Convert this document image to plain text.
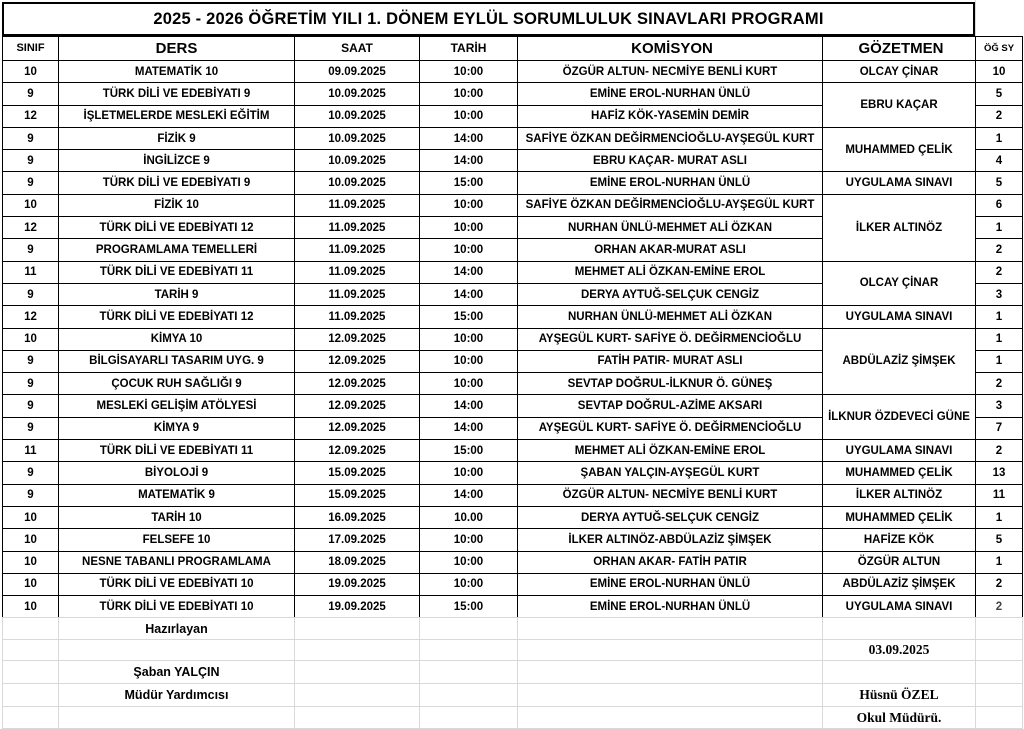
2025 - 2026 ÖĞRETİM YILI 1. DÖNEM EYLÜL SORUMLULUK SINAVLARI PROGRAMI
SINIF	DERS	SAAT	TARİH	KOMİSYON	GÖZETMEN	ÖĞ SY
10	MATEMATİK 10	09.09.2025	10:00	ÖZGÜR ALTUN- NECMİYE BENLİ KURT	OLCAY ÇİNAR	10
9	TÜRK DİLİ VE EDEBİYATI 9	10.09.2025	10:00	EMİNE EROL-NURHAN ÜNLÜ	EBRU KAÇAR	5
12	İŞLETMELERDE MESLEKİ EĞİTİM	10.09.2025	10:00	HAFİZ KÖK-YASEMİN DEMİR		2
9	FİZİK 9	10.09.2025	14:00	SAFİYE ÖZKAN DEĞİRMENCİOĞLU-AYŞEGÜL KURT	MUHAMMED ÇELİK	1
9	İNGİLİZCE 9	10.09.2025	14:00	EBRU KAÇAR- MURAT ASLI		4
9	TÜRK DİLİ VE EDEBİYATI 9	10.09.2025	15:00	EMİNE EROL-NURHAN ÜNLÜ	UYGULAMA SINAVI	5
10	FİZİK 10	11.09.2025	10:00	SAFİYE ÖZKAN DEĞİRMENCİOĞLU-AYŞEGÜL KURT	İLKER ALTINÖZ	6
12	TÜRK DİLİ VE EDEBİYATI 12	11.09.2025	10:00	NURHAN ÜNLÜ-MEHMET ALİ ÖZKAN		1
9	PROGRAMLAMA TEMELLERİ	11.09.2025	10:00	ORHAN AKAR-MURAT ASLI		2
11	TÜRK DİLİ VE EDEBİYATI 11	11.09.2025	14:00	MEHMET ALİ ÖZKAN-EMİNE EROL	OLCAY ÇİNAR	2
9	TARİH 9	11.09.2025	14:00	DERYA AYTUĞ-SELÇUK CENGİZ		3
12	TÜRK DİLİ VE EDEBİYATI 12	11.09.2025	15:00	NURHAN ÜNLÜ-MEHMET ALİ ÖZKAN	UYGULAMA SINAVI	1
10	KİMYA 10	12.09.2025	10:00	AYŞEGÜL KURT- SAFİYE Ö. DEĞİRMENCİOĞLU	ABDÜLAZİZ ŞİMŞEK	1
9	BİLGİSAYARLI TASARIM UYG. 9	12.09.2025	10:00	FATİH PATIR- MURAT ASLI		1
9	ÇOCUK RUH SAĞLIĞI 9	12.09.2025	10:00	SEVTAP DOĞRUL-İLKNUR Ö. GÜNEŞ		2
9	MESLEKİ GELİŞİM ATÖLYESİ	12.09.2025	14:00	SEVTAP DOĞRUL-AZİME AKSARI	İLKNUR ÖZDEVECİ GÜNE	3
9	KİMYA 9	12.09.2025	14:00	AYŞEGÜL KURT- SAFİYE Ö. DEĞİRMENCİOĞLU		7
11	TÜRK DİLİ VE EDEBİYATI 11	12.09.2025	15:00	MEHMET ALİ ÖZKAN-EMİNE EROL	UYGULAMA SINAVI	2
9	BİYOLOJİ 9	15.09.2025	10:00	ŞABAN YALÇIN-AYŞEGÜL KURT	MUHAMMED ÇELİK	13
9	MATEMATİK 9	15.09.2025	14:00	ÖZGÜR ALTUN- NECMİYE BENLİ KURT	İLKER ALTINÖZ	11
10	TARİH 10	16.09.2025	10.00	DERYA AYTUĞ-SELÇUK CENGİZ	MUHAMMED ÇELİK	1
10	FELSEFE 10	17.09.2025	10:00	İLKER ALTINÖZ-ABDÜLAZİZ ŞİMŞEK	HAFİZE KÖK	5
10	NESNE TABANLI PROGRAMLAMA	18.09.2025	10:00	ORHAN AKAR- FATİH PATIR	ÖZGÜR ALTUN	1
10	TÜRK DİLİ VE EDEBİYATI 10	19.09.2025	10:00	EMİNE EROL-NURHAN ÜNLÜ	ABDÜLAZİZ ŞİMŞEK	2
10	TÜRK DİLİ VE EDEBİYATI 10	19.09.2025	15:00	EMİNE EROL-NURHAN ÜNLÜ	UYGULAMA SINAVI	2
	Hazırlayan					
					03.09.2025	
	Şaban YALÇIN					
	Müdür Yardımcısı				Hüsnü ÖZEL	
					Okul Müdürü.	
